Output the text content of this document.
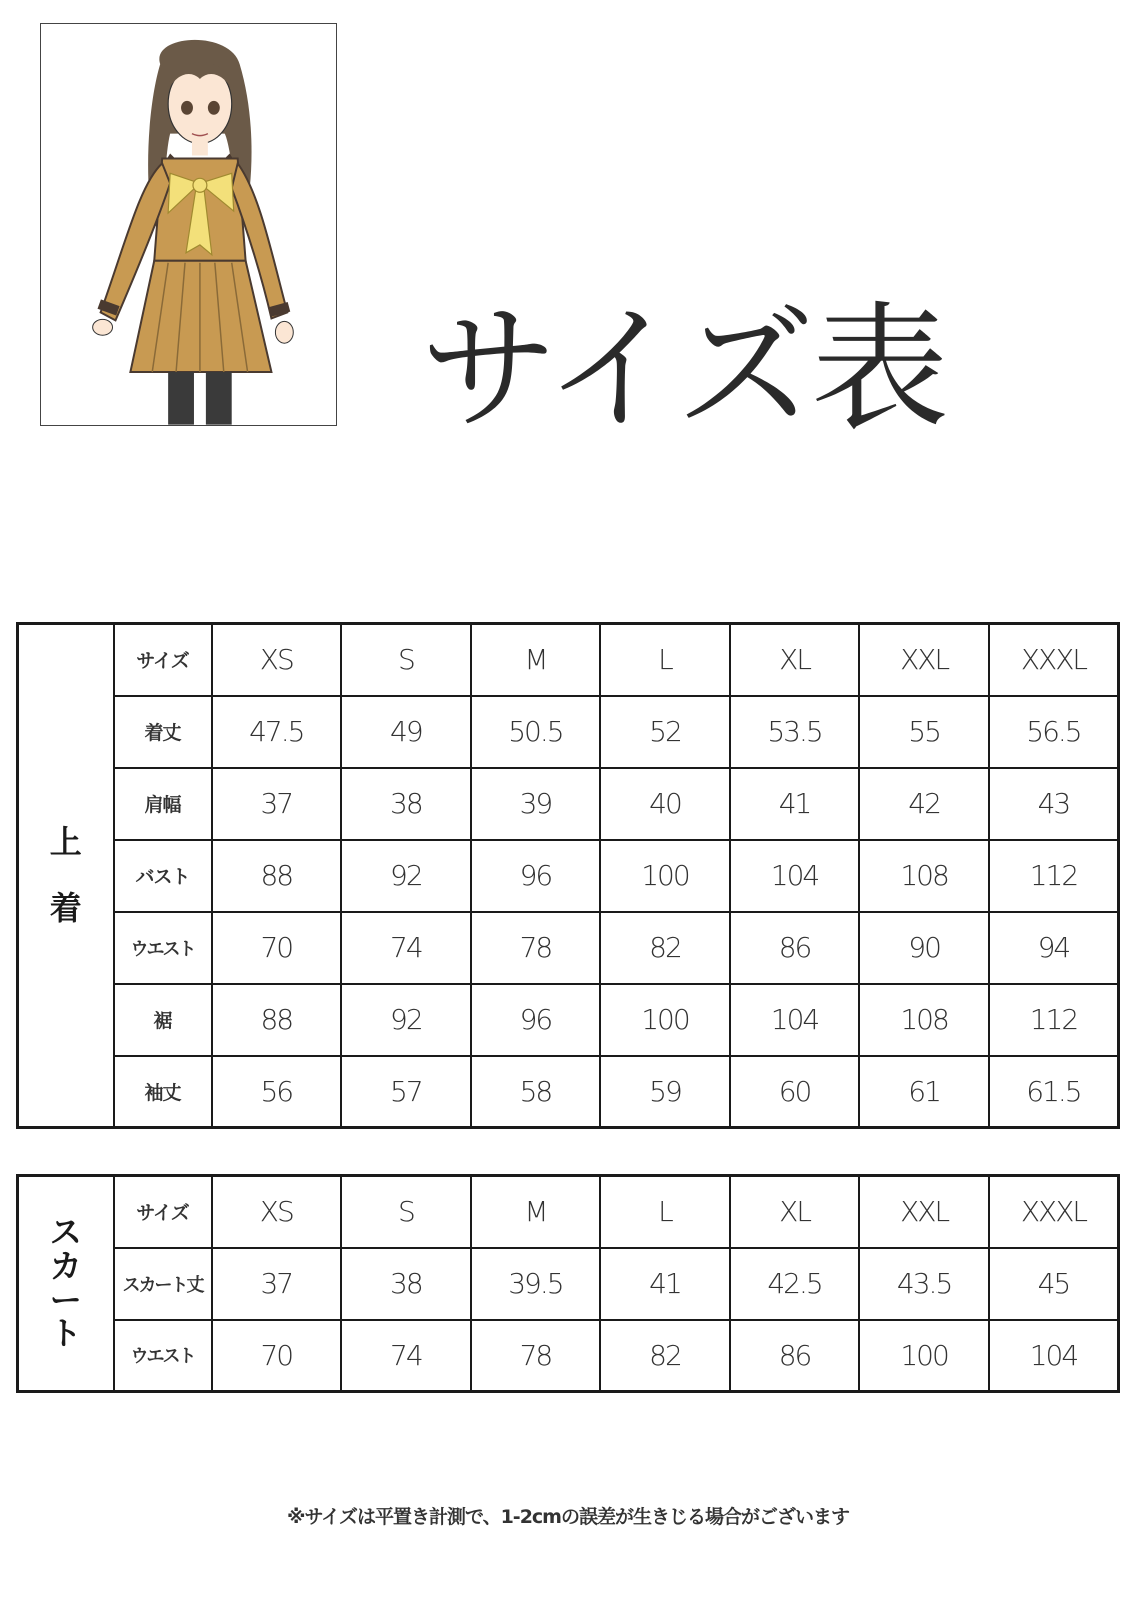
サイズ表
上
着	サイズ	XS	S	M	L	XL	XXL	XXXL
	着丈	47.5	49	50.5	52	53.5	55	56.5
	肩幅	37	38	39	40	41	42	43
	バスト	88	92	96	100	104	108	112
	ウエスト	70	74	78	82	86	90	94
	裾	88	92	96	100	104	108	112
	袖丈	56	57	58	59	60	61	61.5
ス
カ
ー
ト	サイズ	XS	S	M	L	XL	XXL	XXXL
	スカート丈	37	38	39.5	41	42.5	43.5	45
	ウエスト	70	74	78	82	86	100	104
※サイズは平置き計測で、1-2cmの誤差が生きじる場合がございます
